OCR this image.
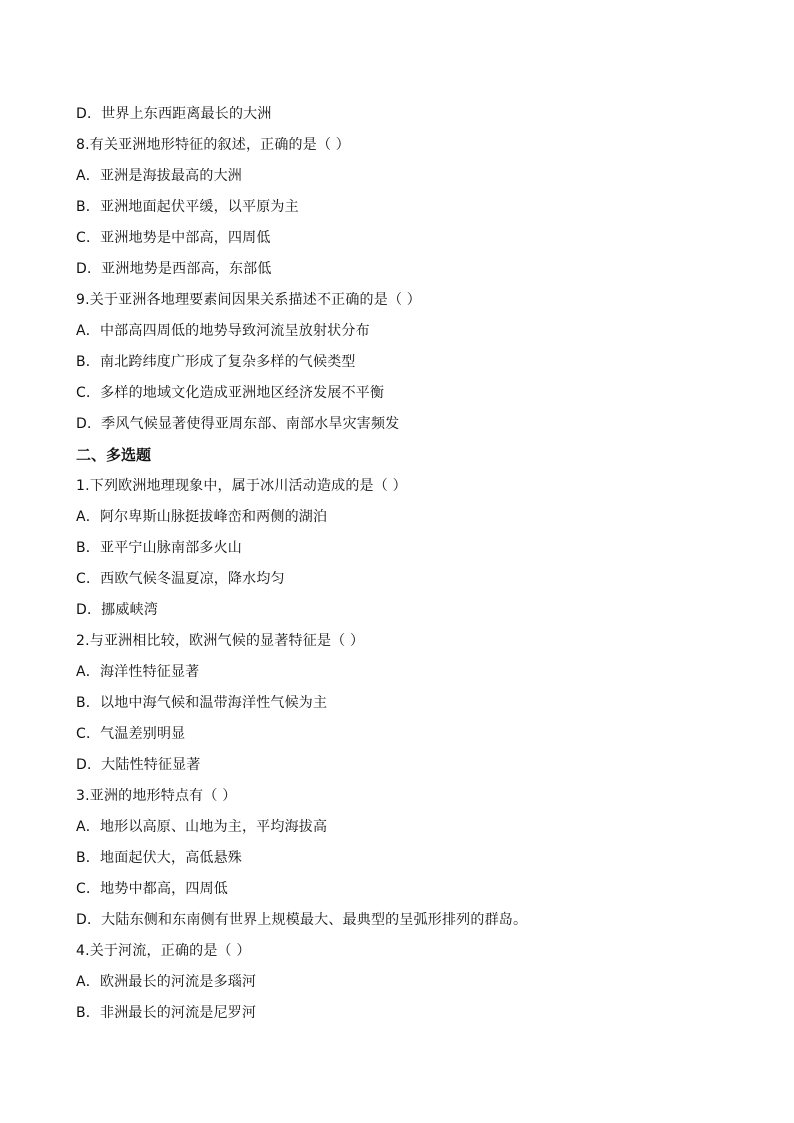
D．世界上东西距离最长的大洲
8.有关亚洲地形特征的叙述，正确的是（ ）
A．亚洲是海拔最高的大洲
B．亚洲地面起伏平缓，以平原为主
C．亚洲地势是中部高，四周低
D．亚洲地势是西部高，东部低
9.关于亚洲各地理要素间因果关系描述不正确的是（ ）
A．中部高四周低的地势导致河流呈放射状分布
B．南北跨纬度广形成了复杂多样的气候类型
C．多样的地域文化造成亚洲地区经济发展不平衡
D．季风气候显著使得亚周东部、南部水旱灾害频发
二、多选题
1.下列欧洲地理现象中，属于冰川活动造成的是（ ）
A．阿尔卑斯山脉挺拔峰峦和两侧的湖泊
B．亚平宁山脉南部多火山
C．西欧气候冬温夏凉，降水均匀
D．挪威峡湾
2.与亚洲相比较，欧洲气候的显著特征是（ ）
A．海洋性特征显著
B．以地中海气候和温带海洋性气候为主
C．气温差别明显
D．大陆性特征显著
3.亚洲的地形特点有（ ）
A．地形以高原、山地为主，平均海拔高
B．地面起伏大，高低悬殊
C．地势中都高，四周低
D．大陆东侧和东南侧有世界上规模最大、最典型的呈弧形排列的群岛。
4.关于河流，正确的是（ ）
A．欧洲最长的河流是多瑙河
B．非洲最长的河流是尼罗河
